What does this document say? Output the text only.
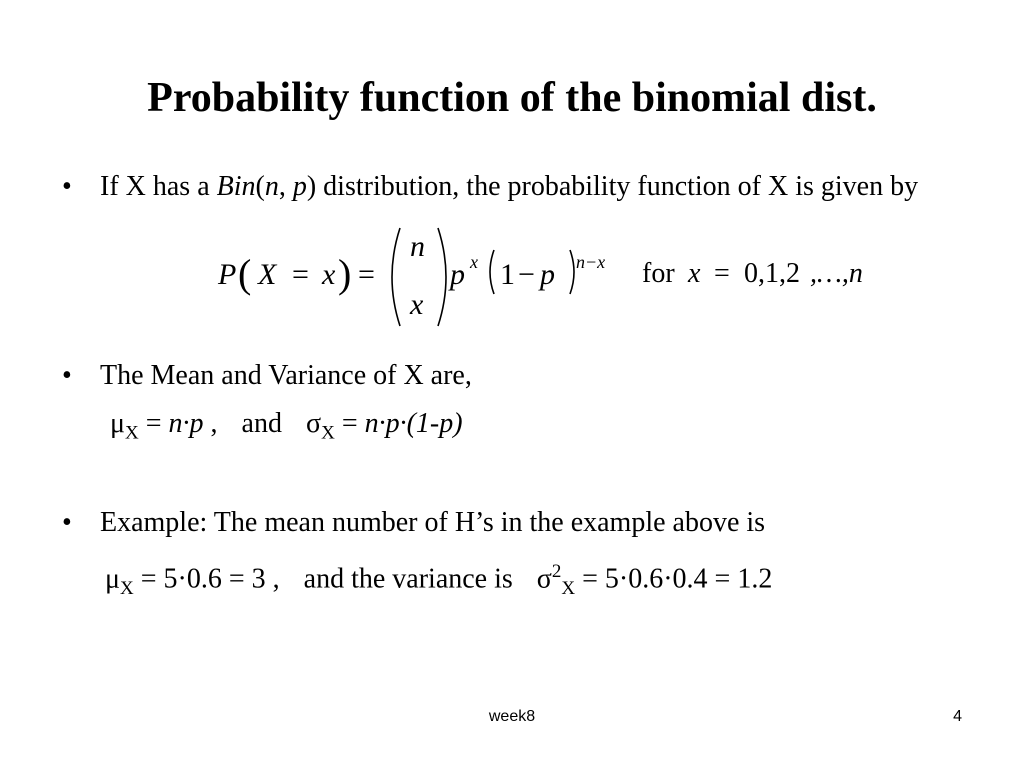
Probability function of the binomial dist.
• If X has a Bin(n, p) distribution, the probability function of X is given by
P ( X = x ) =
n
x
p x 1 − p n−x for x = 0,1,2 ,…,n
• The Mean and Variance of X are,
$\mu_X = n\cdot p$ , and $\sigma_X = n\cdot p\cdot(1-p)$
• Example: The mean number of H’s in the example above is
$\mu_X = 5\cdot 0.6 = 3$ , and the variance is $\sigma^2_X = 5\cdot 0.6\cdot 0.4 = 1.2$
week8	4
